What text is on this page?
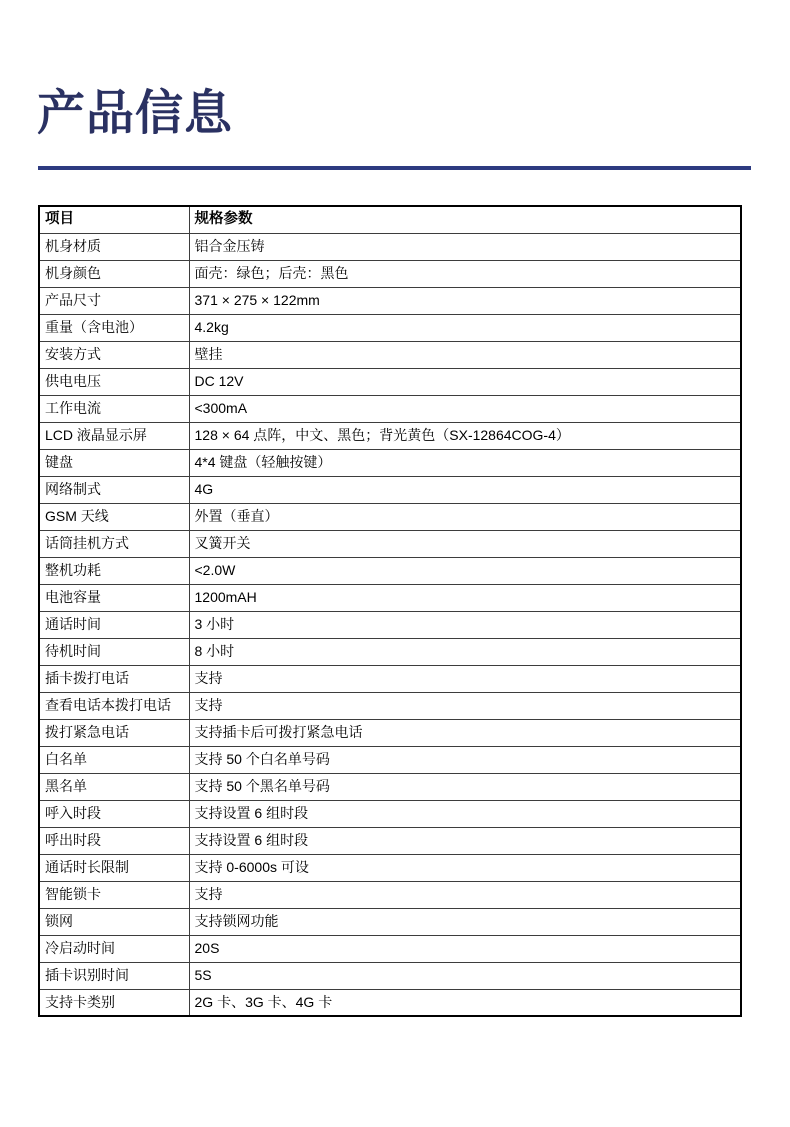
产品信息
项目	规格参数
机身材质	铝合金压铸
机身颜色	面壳：绿色；后壳：黑色
产品尺寸	371 × 275 × 122mm
重量（含电池）	4.2kg
安装方式	壁挂
供电电压	DC 12V
工作电流	<300mA
LCD 液晶显示屏	128 × 64 点阵，中文、黑色；背光黄色（SX-12864COG-4）
键盘	4*4 键盘（轻触按键）
网络制式	4G
GSM 天线	外置（垂直）
话筒挂机方式	叉簧开关
整机功耗	<2.0W
电池容量	1200mAH
通话时间	3 小时
待机时间	8 小时
插卡拨打电话	支持
查看电话本拨打电话	支持
拨打紧急电话	支持插卡后可拨打紧急电话
白名单	支持 50 个白名单号码
黑名单	支持 50 个黑名单号码
呼入时段	支持设置 6 组时段
呼出时段	支持设置 6 组时段
通话时长限制	支持 0-6000s 可设
智能锁卡	支持
锁网	支持锁网功能
冷启动时间	20S
插卡识别时间	5S
支持卡类别	2G 卡、3G 卡、4G 卡
